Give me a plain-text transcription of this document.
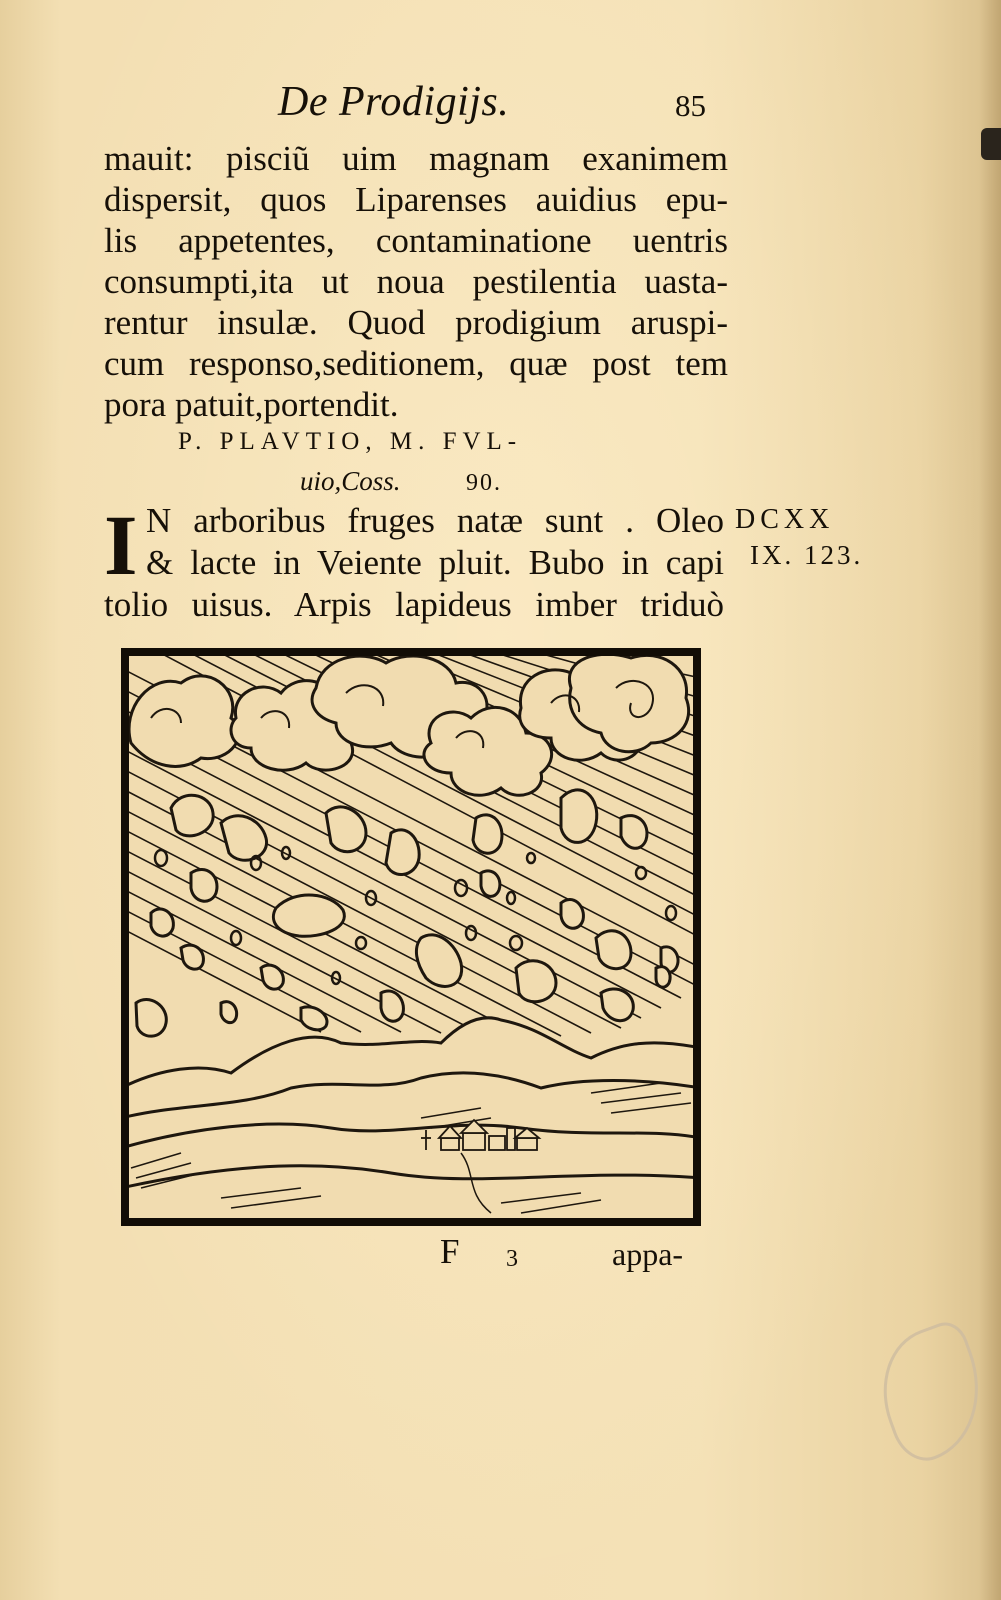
De Prodigijs.	85
mauit: pisciũ uim magnam exanimem
dispersit, quos Liparenses auidius epu-
lis appetentes, contaminatione uentris
consumpti,ita ut noua pestilentia uasta-
rentur insulæ. Quod prodigium aruspi-
cum responso,seditionem, quæ post tem
pora patuit,portendit.
P. PLAVTIO, M. FVL-
uio,Coss.	90.
I N arboribus fruges natæ sunt . Oleo
& lacte in Veiente pluit. Bubo in capi
tolio uisus. Arpis lapideus imber triduò
DCXX
IX. 123.
F 3	appa-
